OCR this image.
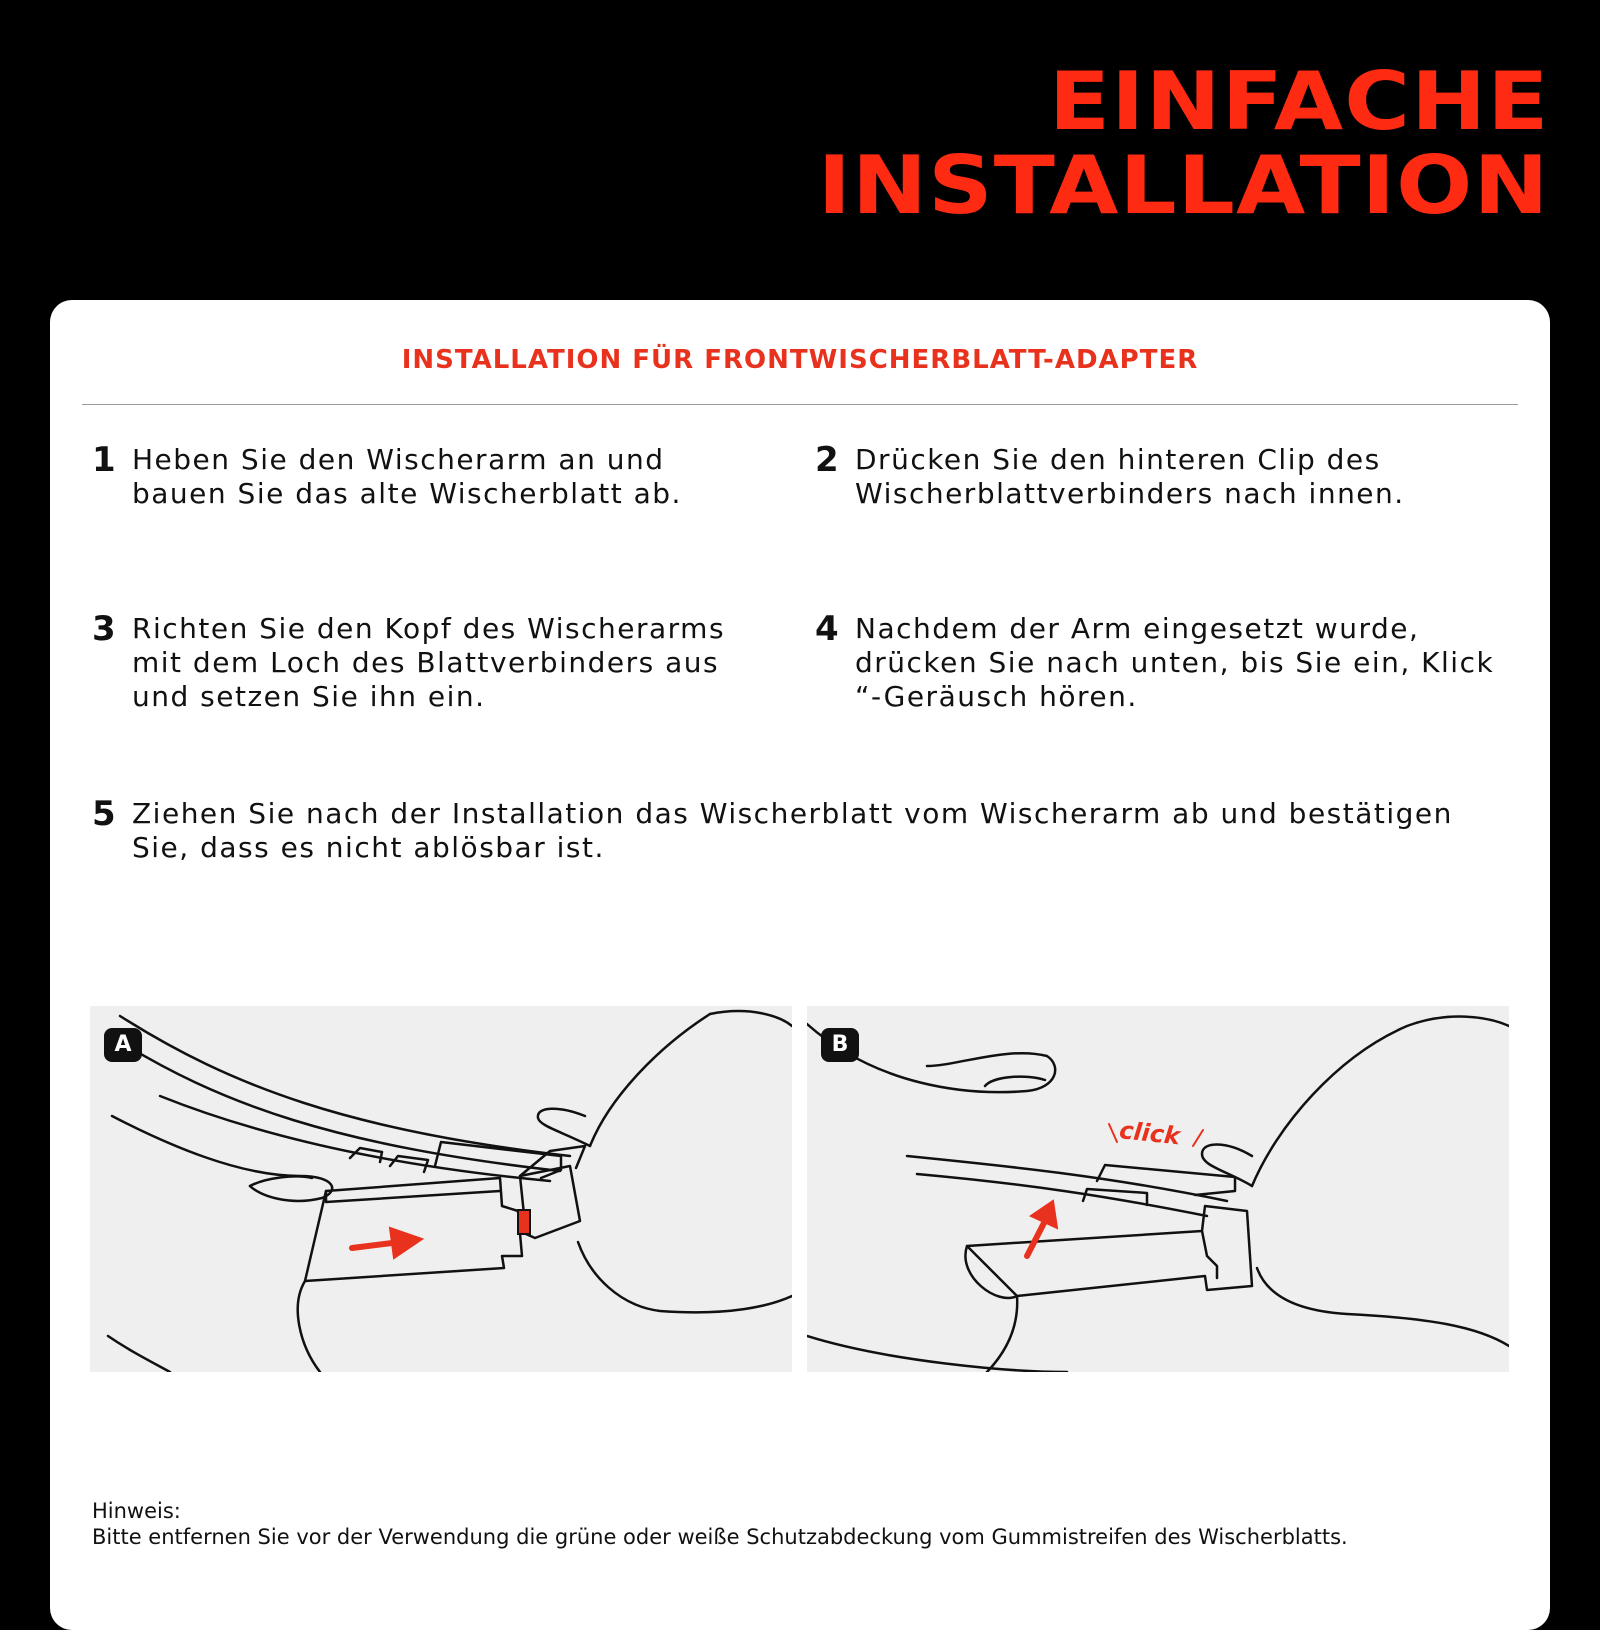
EINFACHE
INSTALLATION
INSTALLATION FÜR FRONTWISCHERBLATT-ADAPTER
1 Heben Sie den Wischerarm an und bauen Sie das alte Wischerblatt ab.
2 Drücken Sie den hinteren Clip des Wischerblattverbinders nach innen.
3 Richten Sie den Kopf des Wischerarms mit dem Loch des Blattverbinders aus und setzen Sie ihn ein.
4 Nachdem der Arm eingesetzt wurde, drücken Sie nach unten, bis Sie ein, Klick “-Geräusch hören.
5 Ziehen Sie nach der Installation das Wischerblatt vom Wischerarm ab und bestätigen Sie, dass es nicht ablösbar ist.
A
click
B
Hinweis:
Bitte entfernen Sie vor der Verwendung die grüne oder weiße Schutzabdeckung vom Gummistreifen des Wischerblatts.
